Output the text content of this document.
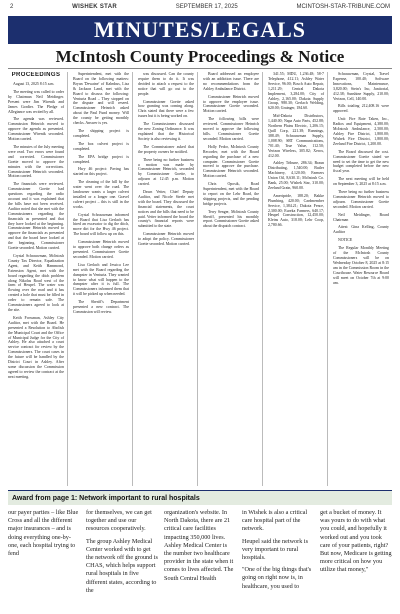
2	WISHEK STAR	SEPTEMBER 17, 2025	MCINTOSH-STAR-TRIBUNE.COM
MINUTES/LEGALS
McIntosh County Proceedings & Notice
PROCEEDINGS

August 13, 2025 8:15 a.m.

The meeting was called to order by Chairman Neil Meidinger. Present were Jim Wirenik and James Gordier. The Pledge of Allegiance was recited by all.

The agenda was reviewed. Commission Heinrich moved to approve the agenda as presented. Commissioner Wirenik seconded. Motion carried.

The minutes of the July meeting were read. Two errors were found and corrected. Commissioner Goette moved to approve the minutes with the corrections. Commissioner Heinrich seconded. Motion carried.

The financials were reviewed. Commissioner Goette had questions regarding the radio account and it was explained that the bills have not been received. Auditor noted that she met with the Commissioners regarding the financials as presented and that they have looked at the beginning. Commissioner Heinrich moved to approve the financials as presented and that the board have looked at the beginning. Commissioner Goette seconded. Motion carried.

Crystal Schrauwman, McIntosh County Tax Director, Equalization Agent, and Keith Hammond, Extension Agent, met with the board regarding the ditch problem along Nikolas Road west of the farm of Heupel. The water was flowing over the road and it has created a hole that must be filled in order to remain safe. The Commissioners agreed to look at the site.

Keith Forssman, Ashley City Auditor, met with the Board. He presented a Resolution to Abolish the Municipal Court and the Office of Municipal Judge for the City of Ashley. He also attached a court service contract for review by the Commissioners. The court cases in the future will be handled by the District Court in Ashley. After some discussion the Commission agreed to review the contract at the next meeting.

Superintendent, met with the Board on the following matters: Bryan 'Dewaine' of Kalmbus, Lisa & Jackson Land, met with the Board to discuss the following: Venturia Road – They stopped on the dispute and will reseed. Commissioner Heinrich asked about the Paul Fund money. Will the county be getting monthly checks. Answer is yes.

The shipping project is completed.

The box culvert project is completed.

The EPA bridge project is completed.

Hwy 46 project: Paving has started on this project.

The cleaning of the hill by the water went over the road. The landowner wants a larger culvert installed or a longer one. Gravel culvert project – this is still in the works.

Crystal Schrauwman informed the Board that Lisa Gerlach has hired an excavator to dig the ditch, move dirt for the Hwy 46 project. The board will follow up on this.

Commissioner Heinrich moved to approve both change orders as presented. Commissioner Goette seconded. Motion carried.

Lisa Gerlach and Jessica Lee met with the Board regarding the dumpster in Venturia. They wanted to know what will happen to the dumpster after it is full. The Commissioners informed them that it will be picked up when needed.

The Sheriff's Department presented a new contract. The Commission will review.

was discussed. Can the county require them to do it. It was decided to attach a request to the notice that will go out to the people.

Commissioner Goette asked how granting was coming along. Chris stated that there were a few issues but it is being worked on.

The Commissioners discussed the new Zoning Ordinance. It was explained that the Historical Society is also reviewing it.

The Commissioner asked that the property owners be notified.

There being no further business a motion was made by Commissioner Heinrich, seconded by Commissioner Goette, to adjourn at 12:45 p.m. Motion carried.

Dawn Vetter, Chief Deputy Auditor, and Nicole Steele met with the board. They discussed the financial statements, the court notices and the bills that need to be paid. Vetter informed the board the county's financial reports were submitted to the state.

Commissioner Heinrich moved to adopt the policy. Commissioner Goette seconded. Motion carried.

Board addressed an employee with an addiction issue. There are no recommendations from the Ashley Ambulance District.

Commissioner Heinrich moved to approve the employee issue. Commissioner Goette seconded. Motion carried.

The following bills were reviewed. Commissioner Heinrich moved to approve the following bills. Commissioner Goette seconded. Motion carried.

Holly Fedor, McIntosh County Recorder, met with the Board regarding the purchase of a new computer. Commissioner Goette moved to approve the purchase. Commissioner Heinrich seconded. Motion carried.

Chris Oposik, Road Superintendent, met with the Board to report on the Lehr Road, the shipping projects, and the pending bridge projects.

Terry Senger, McIntosh County Sheriff, presented his monthly report. Commissioner Goette asked about the dispatch contract.

341.55; MDU, 1,236.48; 58-7 Telephone, 412.11; Ashley Water Service, 96.00; Bosch Auto Repair, 1,211.29; Central Dakota Implement, 3,284.00; City of Ashley, 2,165.00; Dakota Supply Group, 980.30; Gerlach Welding, 620.00; Grainger, 184.60.

Mid-Dakota Distributors, 1,440.00; Napa Auto Parts, 452.88; Northern Plains Electric, 1,206.15; Quill Corp, 221.38; Runnings, 388.49; Schrauwman Supply, 1,008.90; SRT Communications, 701.40; True Value, 112.50; Verizon Wireless, 305.82; Xerox, 412.00.

Ashley Tribune, 286.34; Braun Distributing, 1,540.00; Butler Machinery, 4,120.00; Farmers Union Oil, 8,630.11; McIntosh Co. Bank, 25.00; Wishek Star, 310.00; Zeeland Grain, 960.00.

Ameripride, 188.20; Bakke Plumbing, 420.00; Cardmember Service, 1,384.21; Dakota Fence, 2,300.00; Eureka Farmers, 640.17; Heupel Construction, 12,450.00; Kleins Auto, 318.00; Lehr Coop, 2,780.66.

Schrauwman, Crystal, Travel Expense, 100.40; Software Innovations, Maintenance, 3,820.00; Stein's Inc, Janitorial, 412.38; Sunshine Supply, 210.00; Verizon, Cell, 140.00.

Bills totaling 212,408.16 were approved.

Unit: Fire Rate Taken, Inc., Radios and Equipment, 4,380.00; McIntosh Ambulance, 2,500.00; Ashley Fire District, 1,800.00; Wishek Fire District, 1,800.00; Zeeland Fire District, 1,200.00.

The Board discussed the cost. Commissioner Goette stated we need to set the time to get the new budget completed before the new fiscal year.

The next meeting will be held on September 3, 2025 at 8:15 a.m.

There being no further business Commissioner Heinrich moved to adjourn. Commissioner Goette seconded. Motion carried.

Neil Meidinger, Board Chairman

Attest: Gina Kelling, County Auditor

NOTICE

The Regular Monthly Meeting of the McIntosh County Commissioners will be on Wednesday October 8, 2025 at 8:15 am in the Commission Room in the Courthouse. Water Resource Board will meet on October 7th at 9:00 am.

Award from page 1: Network important to rural hospitals

our payer parties – like Blue Cross and all the different major insurances – and is doing everything one-by-one, each hospital trying to fend

for themselves, we can get together and use our resources cooperatively.

The group Ashley Medical Center worked with to get the network off the ground is CHAS, which helps support rural hospitals in five different states, according to the

organization's website. In North Dakota, there are 21 critical care facilities impacting 350,000 lives. Ashley Medical Center is the number two healthcare provider in the state when it comes to lives affected. The South Central Health

in Wishek is also a critical care hospital part of the network.

Heupel said the network is very important to rural hospitals.

"One of the big things that's going on right now is, in healthcare, you used to

get a bucket of money. It was yours to do with what you could, and hopefully it worked out and you took care of your patients, right? But now, Medicare is getting more critical on how you utilize that money,"
